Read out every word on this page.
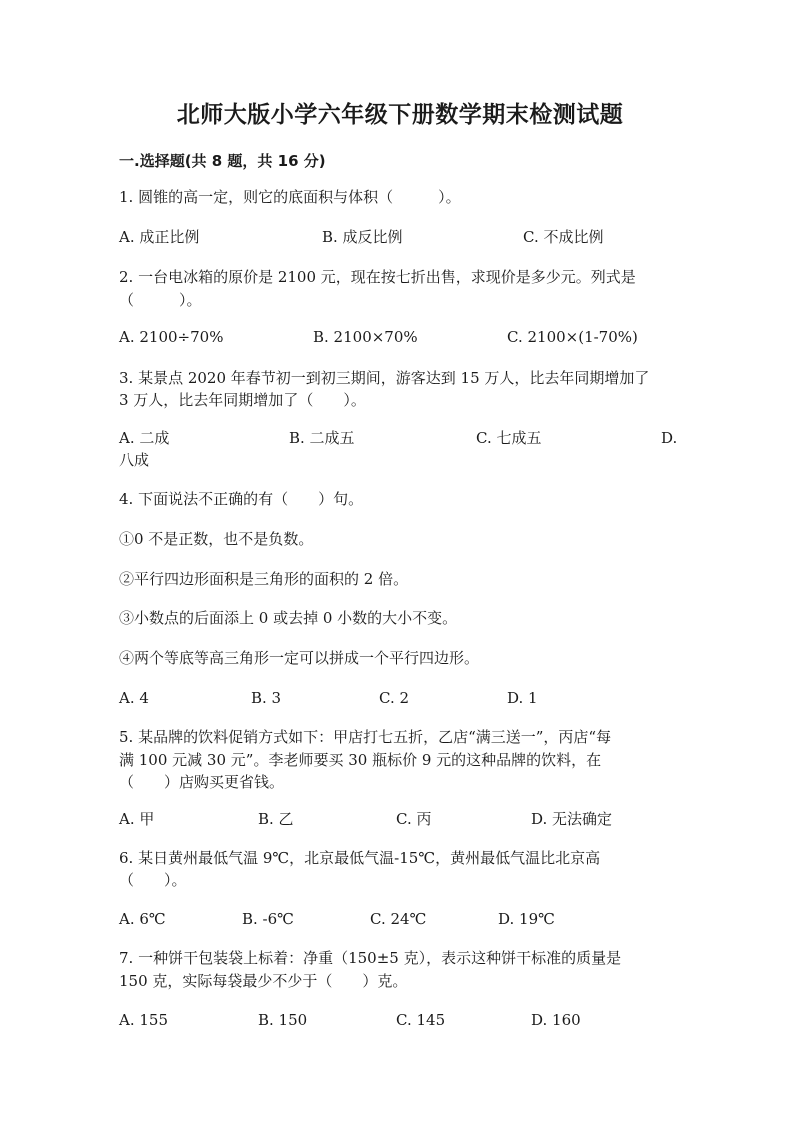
北师大版小学六年级下册数学期末检测试题
一.选择题(共 8 题，共 16 分)
1. 圆锥的高一定，则它的底面积与体积（　　　）。
A. 成正比例	B. 成反比例	C. 不成比例
2. 一台电冰箱的原价是 2100 元，现在按七折出售，求现价是多少元。列式是
（　　　）。
A. 2100÷70%	B. 2100×70%	C. 2100×(1-70%)
3. 某景点 2020 年春节初一到初三期间，游客达到 15 万人，比去年同期增加了
3 万人，比去年同期增加了（　　）。
A. 二成	B. 二成五	C. 七成五	D.
八成
4. 下面说法不正确的有（　　）句。
①0 不是正数，也不是负数。
②平行四边形面积是三角形的面积的 2 倍。
③小数点的后面添上 0 或去掉 0 小数的大小不变。
④两个等底等高三角形一定可以拼成一个平行四边形。
A. 4	B. 3	C. 2	D. 1
5. 某品牌的饮料促销方式如下：甲店打七五折，乙店“满三送一”，丙店“每
满 100 元减 30 元”。李老师要买 30 瓶标价 9 元的这种品牌的饮料，在
（　　）店购买更省钱。
A. 甲	B. 乙	C. 丙	D. 无法确定
6. 某日黄州最低气温 9℃，北京最低气温-15℃，黄州最低气温比北京高
（　　）。
A. 6℃	B. -6℃	C. 24℃	D. 19℃
7. 一种饼干包装袋上标着：净重（150±5 克），表示这种饼干标准的质量是
150 克，实际每袋最少不少于（　　）克。
A. 155	B. 150	C. 145	D. 160
